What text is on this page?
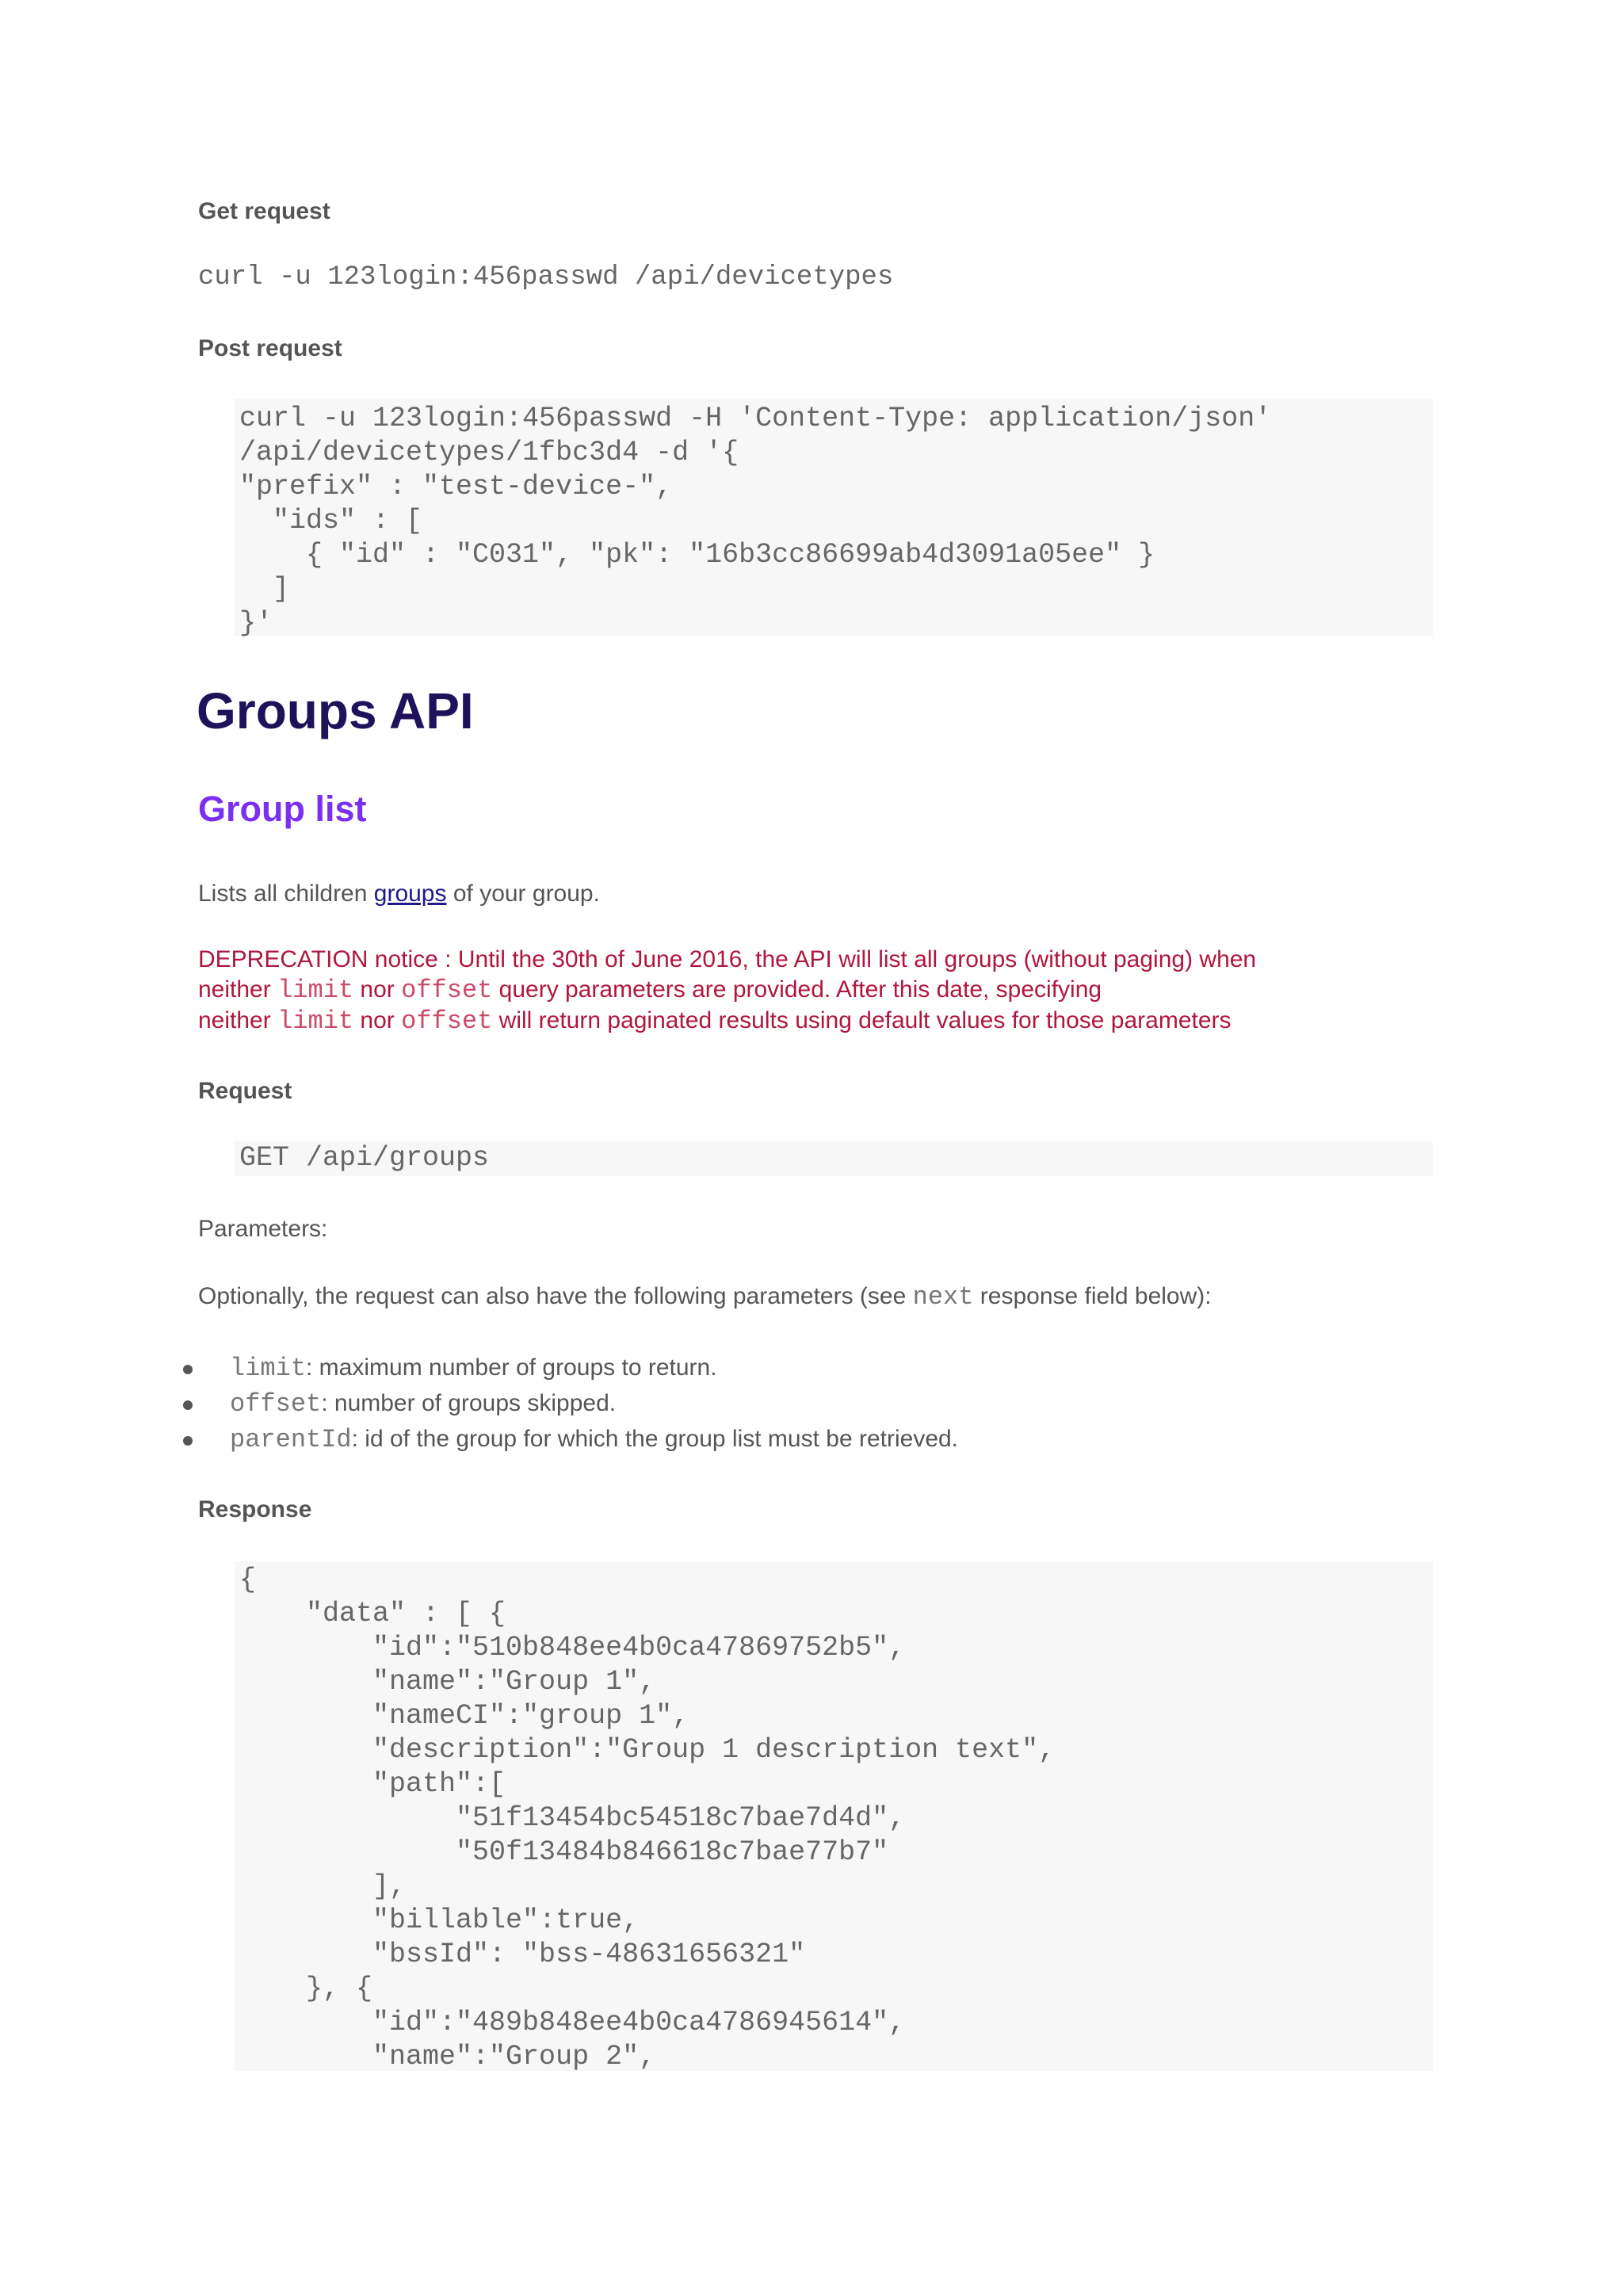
Get request
curl -u 123login:456passwd /api/devicetypes
Post request
curl -u 123login:456passwd -H 'Content-Type: application/json'
/api/devicetypes/1fbc3d4 -d '{
"prefix" : "test-device-",
"ids" : [
{ "id" : "C031", "pk": "16b3cc86699ab4d3091a05ee" }
]
}'
Groups API
Group list

Lists all children groups of your group.

DEPRECATION notice : Until the 30th of June 2016, the API will list all groups (without paging) when
neither limit nor offset query parameters are provided. After this date, specifying
neither limit nor offset will return paginated results using default values for those parameters
Request
GET /api/groups

Parameters:

Optionally, the request can also have the following parameters (see next response field below):

limit: maximum number of groups to return.
offset: number of groups skipped.
parentId: id of the group for which the group list must be retrieved.
Response
{
"data" : [ {
"id":"510b848ee4b0ca47869752b5",
"name":"Group 1",
"nameCI":"group 1",
"description":"Group 1 description text",
"path":[
"51f13454bc54518c7bae7d4d",
"50f13484b846618c7bae77b7"
],
"billable":true,
"bssId": "bss-48631656321"
}, {
"id":"489b848ee4b0ca4786945614",
"name":"Group 2",
